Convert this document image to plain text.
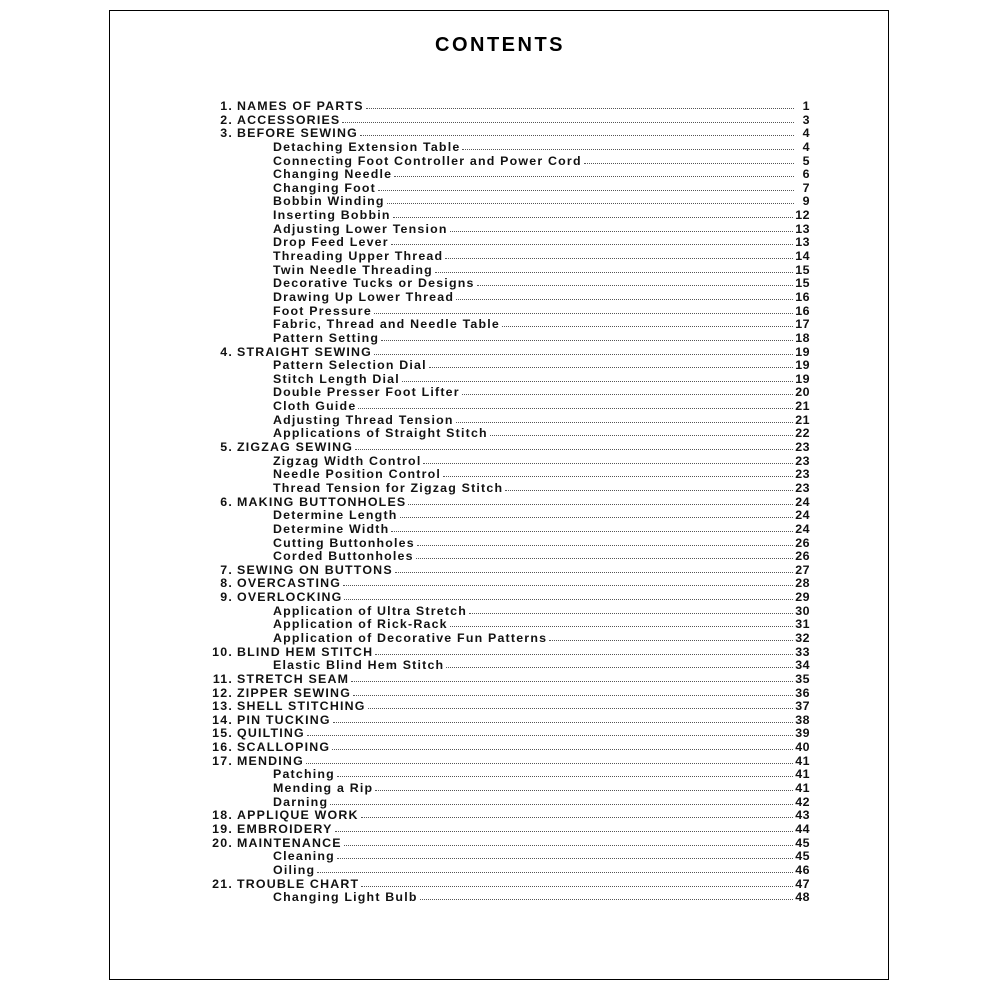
CONTENTS
1. NAMES OF PARTS	1
2. ACCESSORIES	3
3. BEFORE SEWING	4
Detaching Extension Table	4
Connecting Foot Controller and Power Cord	5
Changing Needle	6
Changing Foot	7
Bobbin Winding	9
Inserting Bobbin	12
Adjusting Lower Tension	13
Drop Feed Lever	13
Threading Upper Thread	14
Twin Needle Threading	15
Decorative Tucks or Designs	15
Drawing Up Lower Thread	16
Foot Pressure	16
Fabric, Thread and Needle Table	17
Pattern Setting	18
4. STRAIGHT SEWING	19
Pattern Selection Dial	19
Stitch Length Dial	19
Double Presser Foot Lifter	20
Cloth Guide	21
Adjusting Thread Tension	21
Applications of Straight Stitch	22
5. ZIGZAG SEWING	23
Zigzag Width Control	23
Needle Position Control	23
Thread Tension for Zigzag Stitch	23
6. MAKING BUTTONHOLES	24
Determine Length	24
Determine Width	24
Cutting Buttonholes	26
Corded Buttonholes	26
7. SEWING ON BUTTONS	27
8. OVERCASTING	28
9. OVERLOCKING	29
Application of Ultra Stretch	30
Application of Rick-Rack	31
Application of Decorative Fun Patterns	32
10. BLIND HEM STITCH	33
Elastic Blind Hem Stitch	34
11. STRETCH SEAM	35
12. ZIPPER SEWING	36
13. SHELL STITCHING	37
14. PIN TUCKING	38
15. QUILTING	39
16. SCALLOPING	40
17. MENDING	41
Patching	41
Mending a Rip	41
Darning	42
18. APPLIQUE WORK	43
19. EMBROIDERY	44
20. MAINTENANCE	45
Cleaning	45
Oiling	46
21. TROUBLE CHART	47
Changing Light Bulb	48
